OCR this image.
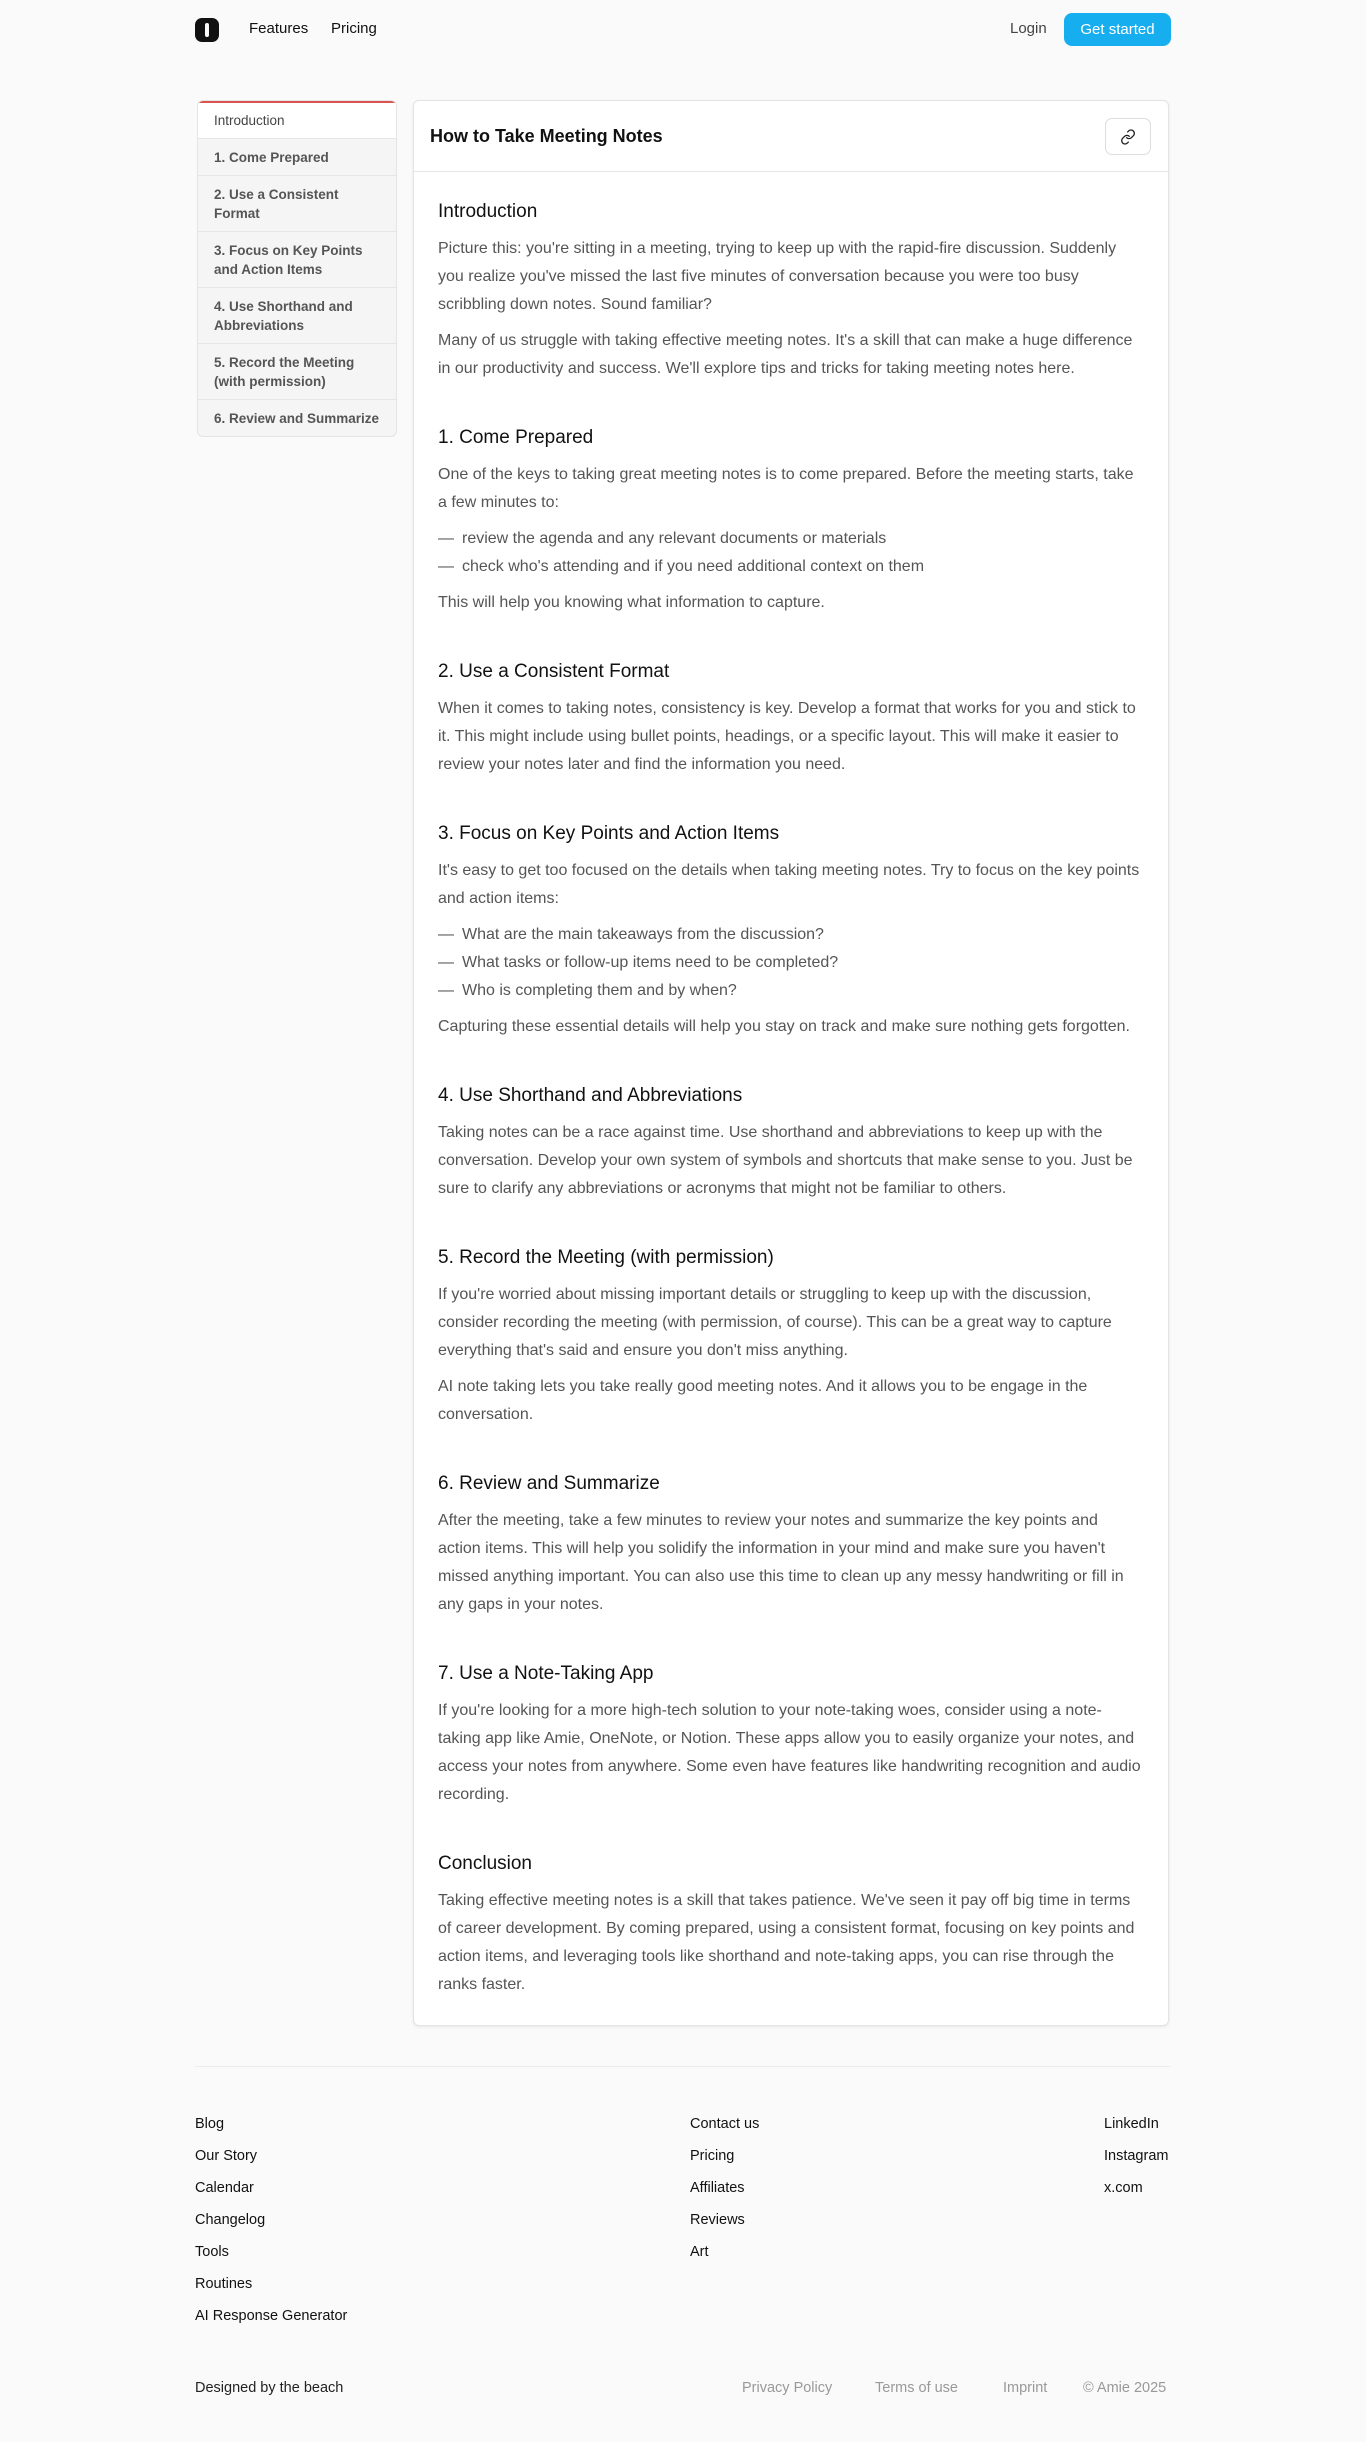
Features Pricing	Login	Get started
Introduction
1. Come Prepared
2. Use a Consistent Format
3. Focus on Key Points and Action Items
4. Use Shorthand and Abbreviations
5. Record the Meeting (with permission)
6. Review and Summarize
How to Take Meeting Notes
Introduction

Picture this: you're sitting in a meeting, trying to keep up with the rapid-fire discussion. Suddenly you realize you've missed the last five minutes of conversation because you were too busy scribbling down notes. Sound familiar?

Many of us struggle with taking effective meeting notes. It's a skill that can make a huge difference in our productivity and success. We'll explore tips and tricks for taking meeting notes here.

1. Come Prepared

One of the keys to taking great meeting notes is to come prepared. Before the meeting starts, take a few minutes to:

— review the agenda and any relevant documents or materials
— check who's attending and if you need additional context on them

This will help you knowing what information to capture.

2. Use a Consistent Format

When it comes to taking notes, consistency is key. Develop a format that works for you and stick to it. This might include using bullet points, headings, or a specific layout. This will make it easier to review your notes later and find the information you need.

3. Focus on Key Points and Action Items

It's easy to get too focused on the details when taking meeting notes. Try to focus on the key points and action items:

— What are the main takeaways from the discussion?
— What tasks or follow-up items need to be completed?
— Who is completing them and by when?

Capturing these essential details will help you stay on track and make sure nothing gets forgotten.

4. Use Shorthand and Abbreviations

Taking notes can be a race against time. Use shorthand and abbreviations to keep up with the conversation. Develop your own system of symbols and shortcuts that make sense to you. Just be sure to clarify any abbreviations or acronyms that might not be familiar to others.

5. Record the Meeting (with permission)

If you're worried about missing important details or struggling to keep up with the discussion, consider recording the meeting (with permission, of course). This can be a great way to capture everything that's said and ensure you don't miss anything.

AI note taking lets you take really good meeting notes. And it allows you to be engage in the conversation.

6. Review and Summarize

After the meeting, take a few minutes to review your notes and summarize the key points and action items. This will help you solidify the information in your mind and make sure you haven't missed anything important. You can also use this time to clean up any messy handwriting or fill in any gaps in your notes.

7. Use a Note-Taking App

If you're looking for a more high-tech solution to your note-taking woes, consider using a note-taking app like Amie, OneNote, or Notion. These apps allow you to easily organize your notes, and access your notes from anywhere. Some even have features like handwriting recognition and audio recording.

Conclusion

Taking effective meeting notes is a skill that takes patience. We've seen it pay off big time in terms of career development. By coming prepared, using a consistent format, focusing on key points and action items, and leveraging tools like shorthand and note-taking apps, you can rise through the ranks faster.

Blog
Our Story
Calendar
Changelog
Tools
Routines
AI Response Generator
Contact us
Pricing
Affiliates
Reviews
Art
LinkedIn
Instagram
x.com
Designed by the beach	Privacy Policy	Terms of use	Imprint © Amie 2025
